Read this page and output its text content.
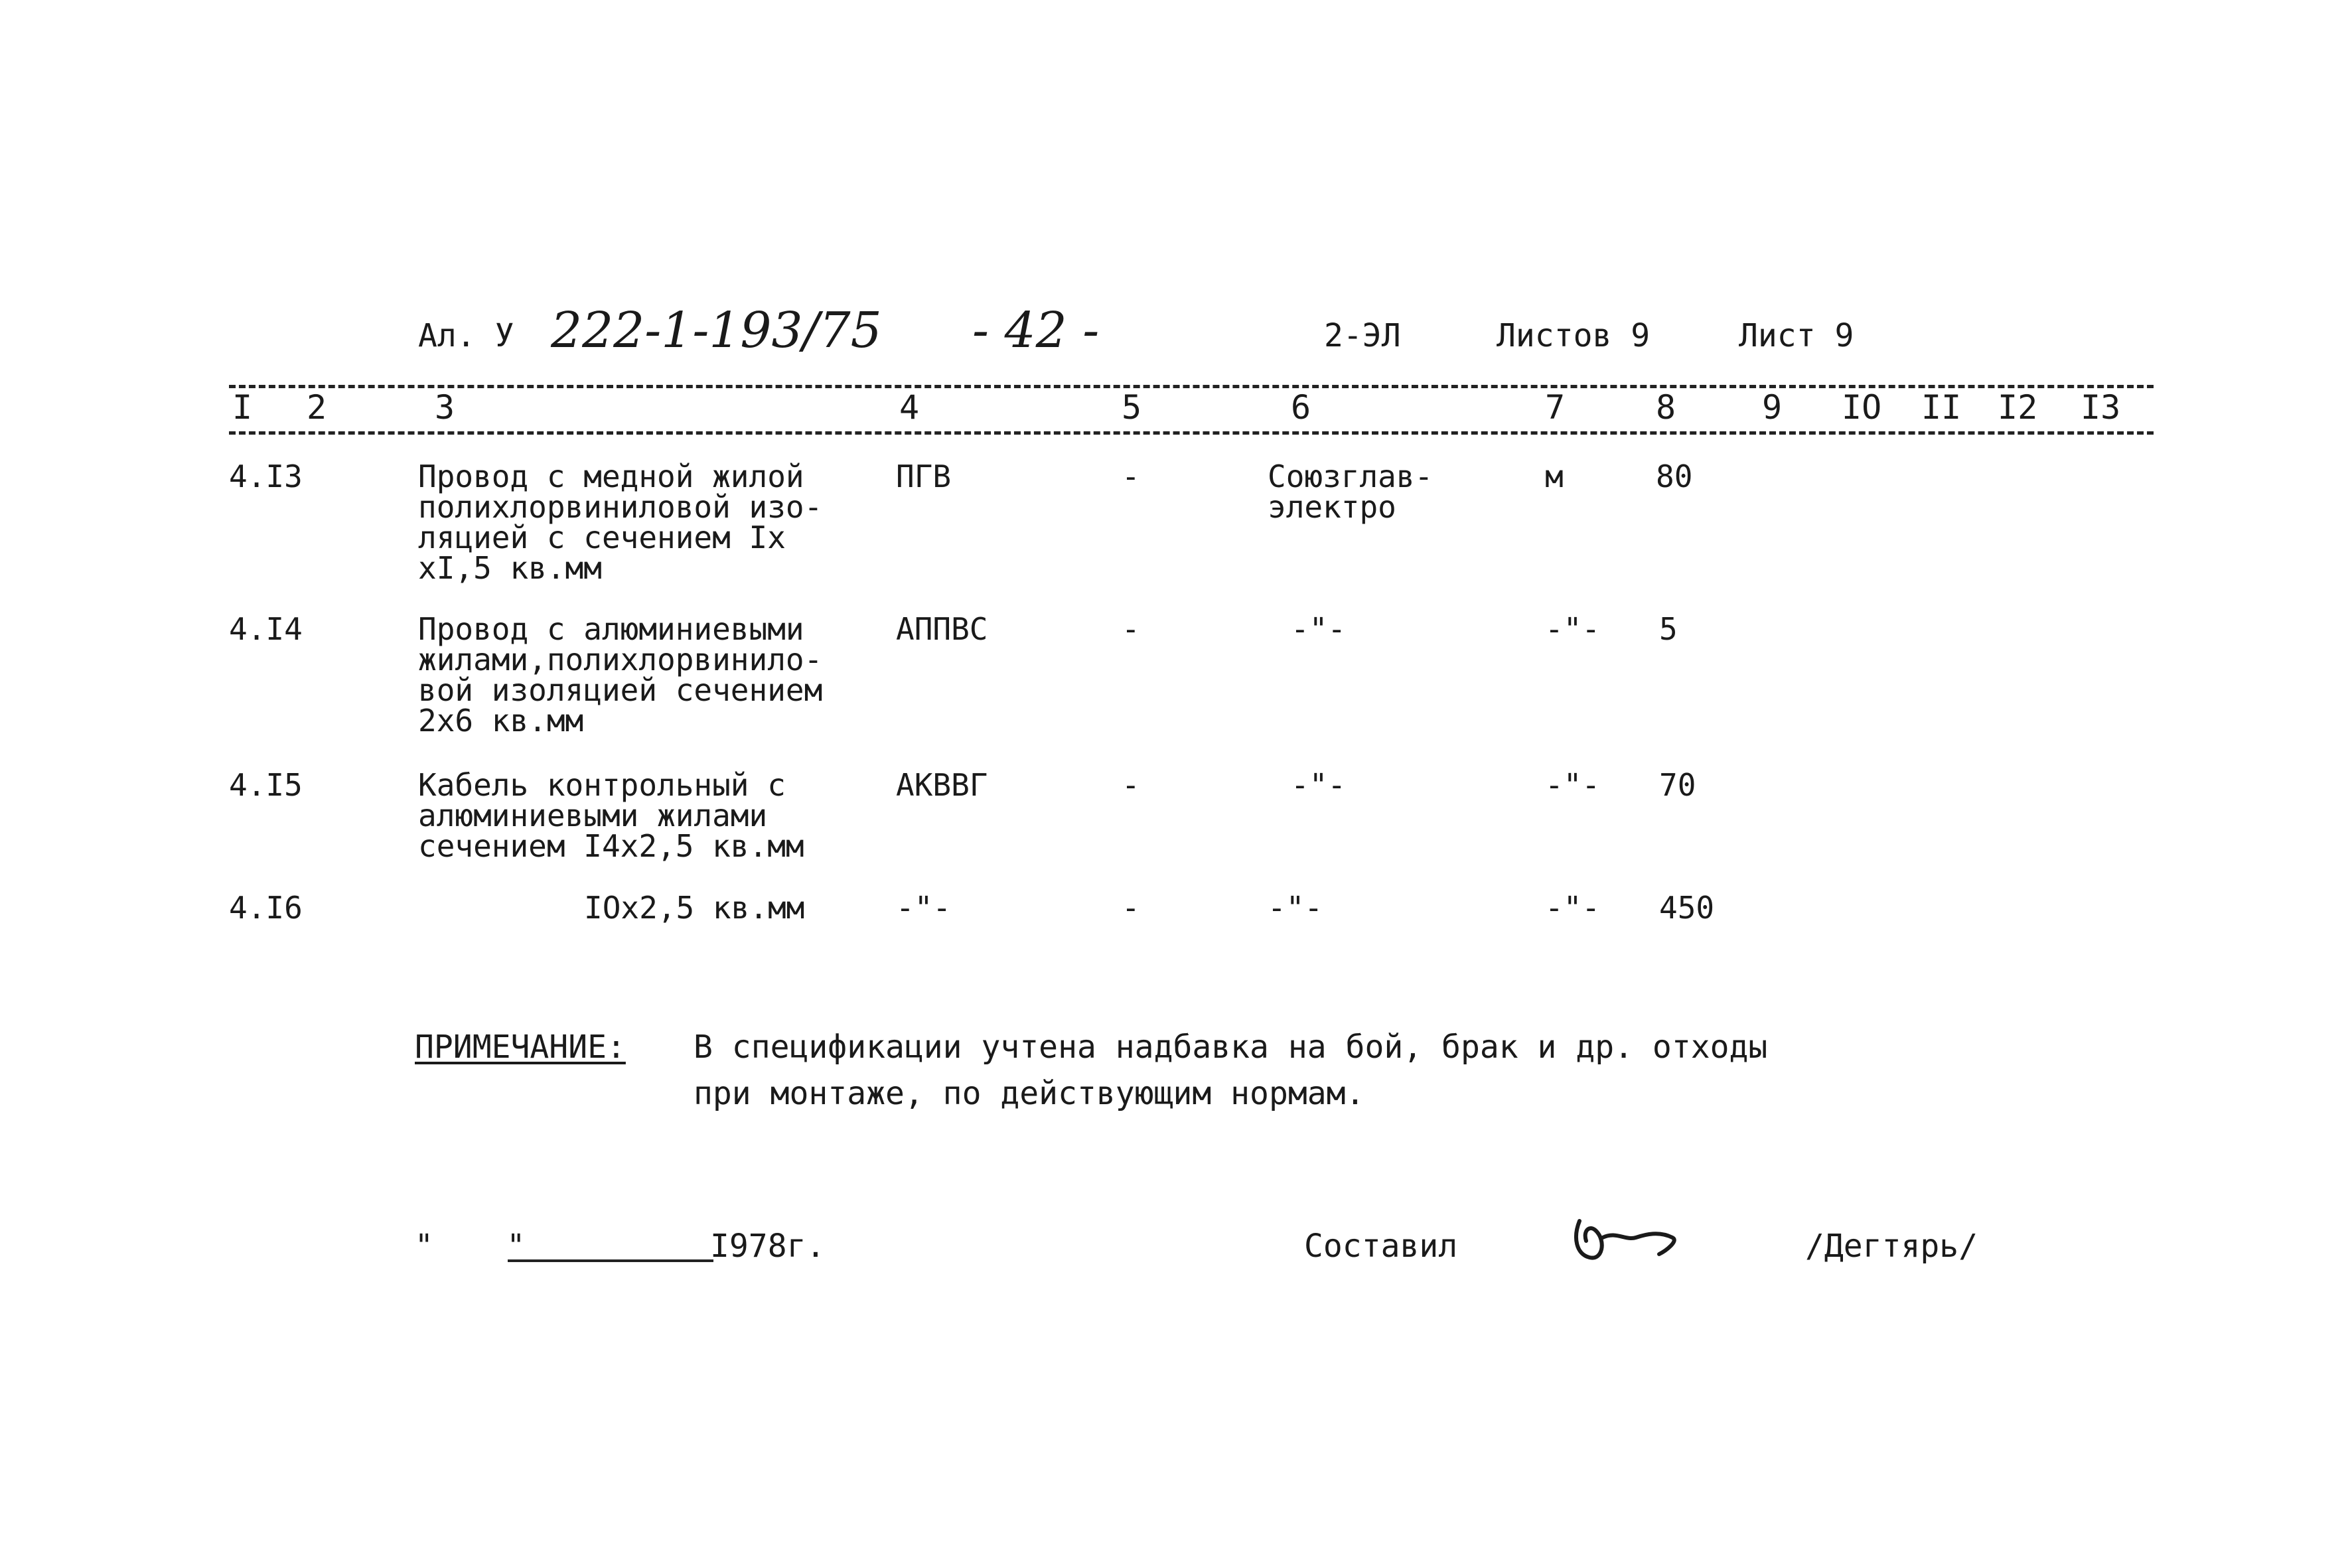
Ал. У 222-1-193/75 - 42 -	2-ЭЛ	Листов 9	Лист 9
I 2	3	4	5	6	7	8	9 IO II I2 I3
4.I3	Провод с медной жилой
полихлорвиниловой изо-
ляцией с сечением Iх
хI,5 кв.мм
ПГВ	-	Союзглав-
электро
м	80
4.I4	Провод с алюминиевыми
жилами,полихлорвинило-
вой изоляцией сечением
2х6 кв.мм
АППВС	-	-"-	-"- 5
4.I5	Кабель контрольный с
алюминиевыми жилами
сечением I4х2,5 кв.мм
АКВВГ	-	-"-	-"- 70
4.I6	IОх2,5 кв.мм	-"-	-	-"-	-"- 450
ПРИМЕЧАНИЕ: В спецификации учтена надбавка на бой, брак и др. отходы
при монтаже, по действующим нормам.
"    "	I978г.	Составил	/Дегтярь/
